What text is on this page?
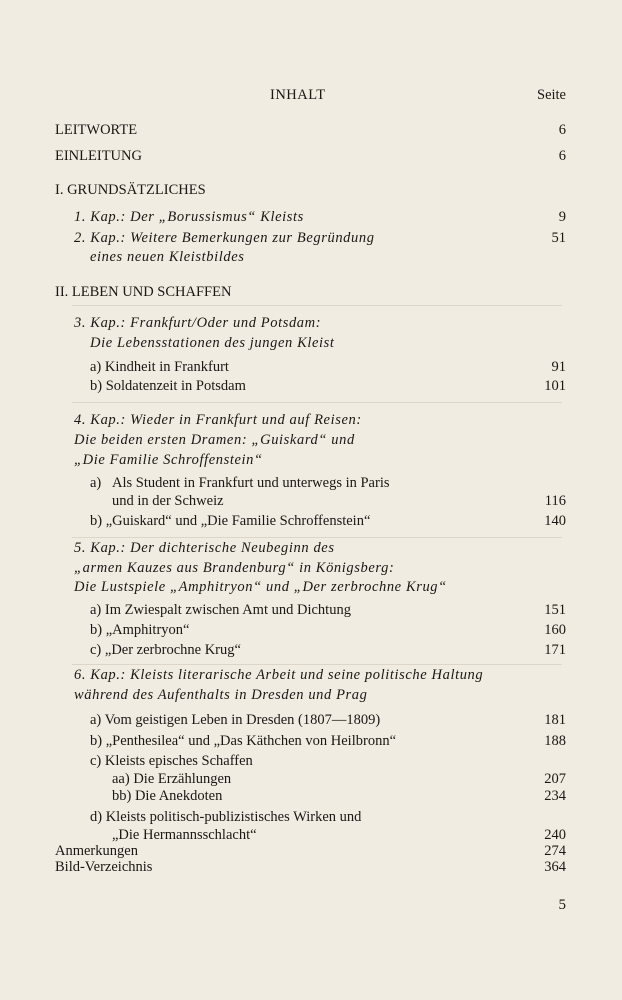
INHALT	Seite
LEITWORTE	6
EINLEITUNG	6
I. GRUNDSÄTZLICHES
1. Kap.: Der „Borussismus“ Kleists	9
2. Kap.: Weitere Bemerkungen zur Begründung	51
eines neuen Kleistbildes
II. LEBEN UND SCHAFFEN
3. Kap.: Frankfurt/Oder und Potsdam:
Die Lebensstationen des jungen Kleist
a) Kindheit in Frankfurt	91
b) Soldatenzeit in Potsdam	101
4. Kap.: Wieder in Frankfurt und auf Reisen:
Die beiden ersten Dramen: „Guiskard“ und
„Die Familie Schroffenstein“
a) Als Student in Frankfurt und unterwegs in Paris
und in der Schweiz	116
b) „Guiskard“ und „Die Familie Schroffenstein“	140
5. Kap.: Der dichterische Neubeginn des
„armen Kauzes aus Brandenburg“ in Königsberg:
Die Lustspiele „Amphitryon“ und „Der zerbrochne Krug“
a) Im Zwiespalt zwischen Amt und Dichtung	151
b) „Amphitryon“	160
c) „Der zerbrochne Krug“	171
6. Kap.: Kleists literarische Arbeit und seine politische Haltung
während des Aufenthalts in Dresden und Prag
a) Vom geistigen Leben in Dresden (1807—1809)	181
b) „Penthesilea“ und „Das Käthchen von Heilbronn“	188
c) Kleists episches Schaffen
aa) Die Erzählungen	207
bb) Die Anekdoten	234
d) Kleists politisch-publizistisches Wirken und
„Die Hermannsschlacht“	240
Anmerkungen	274
Bild-Verzeichnis	364
5
